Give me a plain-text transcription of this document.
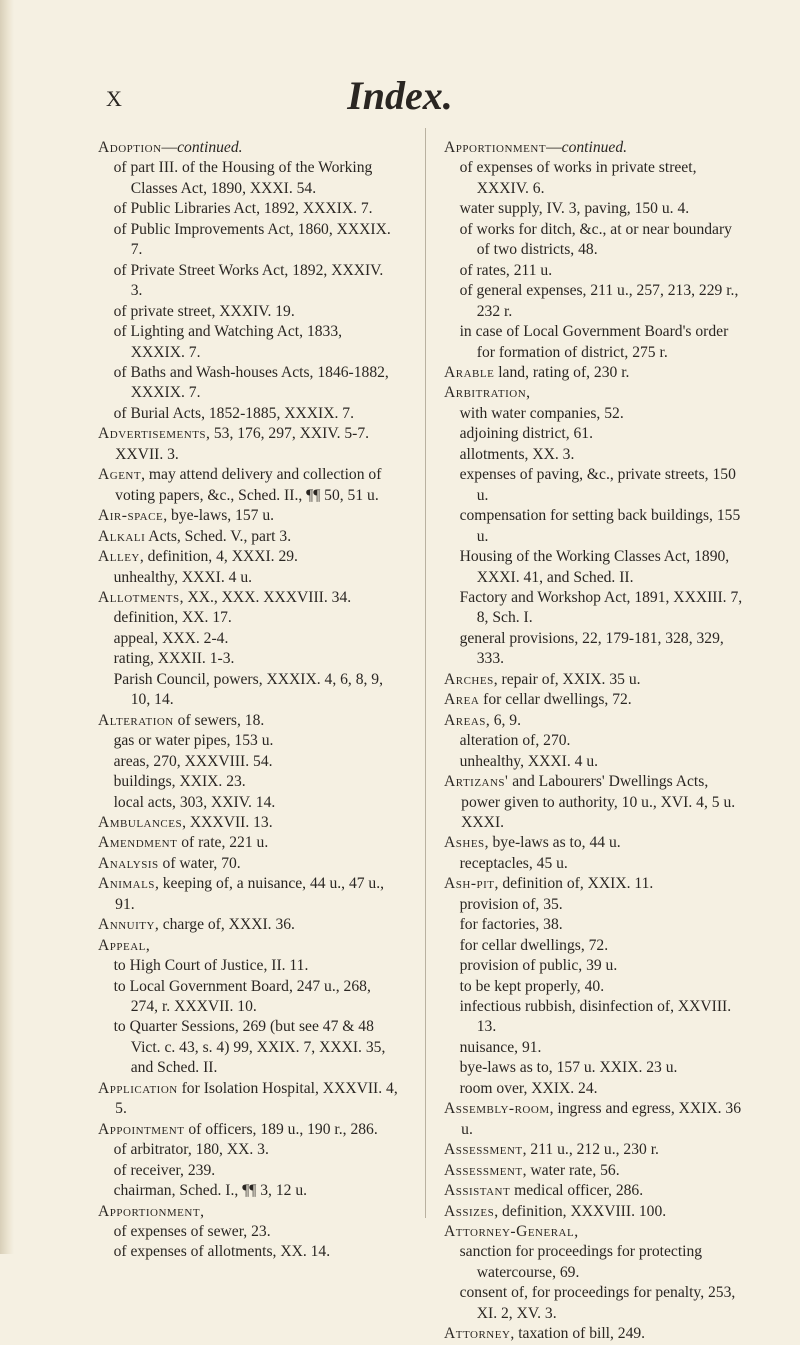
X	Index.

Adoption—continued.

of part III. of the Housing of the Working Classes Act, 1890, XXXI. 54.

of Public Libraries Act, 1892, XXXIX. 7.

of Public Improvements Act, 1860, XXXIX. 7.

of Private Street Works Act, 1892, XXXIV. 3.

of private street, XXXIV. 19.

of Lighting and Watching Act, 1833, XXXIX. 7.

of Baths and Wash-houses Acts, 1846-1882, XXXIX. 7.

of Burial Acts, 1852-1885, XXXIX. 7.

Advertisements, 53, 176, 297, XXIV. 5-7. XXVII. 3.

Agent, may attend delivery and collection of voting papers, &c., Sched. II., ¶¶ 50, 51 u.

Air-space, bye-laws, 157 u.

Alkali Acts, Sched. V., part 3.

Alley, definition, 4, XXXI. 29.

unhealthy, XXXI. 4 u.

Allotments, XX., XXX. XXXVIII. 34.

definition, XX. 17.

appeal, XXX. 2-4.

rating, XXXII. 1-3.

Parish Council, powers, XXXIX. 4, 6, 8, 9, 10, 14.

Alteration of sewers, 18.

gas or water pipes, 153 u.

areas, 270, XXXVIII. 54.

buildings, XXIX. 23.

local acts, 303, XXIV. 14.

Ambulances, XXXVII. 13.

Amendment of rate, 221 u.

Analysis of water, 70.

Animals, keeping of, a nuisance, 44 u., 47 u., 91.

Annuity, charge of, XXXI. 36.

Appeal,

to High Court of Justice, II. 11.

to Local Government Board, 247 u., 268, 274, r. XXXVII. 10.

to Quarter Sessions, 269 (but see 47 & 48 Vict. c. 43, s. 4) 99, XXIX. 7, XXXI. 35, and Sched. II.

Application for Isolation Hospital, XXXVII. 4, 5.

Appointment of officers, 189 u., 190 r., 286.

of arbitrator, 180, XX. 3.

of receiver, 239.

chairman, Sched. I., ¶¶ 3, 12 u.

Apportionment,

of expenses of sewer, 23.

of expenses of allotments, XX. 14.

Apportionment—continued.

of expenses of works in private street, XXXIV. 6.

water supply, IV. 3, paving, 150 u. 4.

of works for ditch, &c., at or near boundary of two districts, 48.

of rates, 211 u.

of general expenses, 211 u., 257, 213, 229 r., 232 r.

in case of Local Government Board's order for formation of district, 275 r.

Arable land, rating of, 230 r.

Arbitration,

with water companies, 52.

adjoining district, 61.

allotments, XX. 3.

expenses of paving, &c., private streets, 150 u.

compensation for setting back buildings, 155 u.

Housing of the Working Classes Act, 1890, XXXI. 41, and Sched. II.

Factory and Workshop Act, 1891, XXXIII. 7, 8, Sch. I.

general provisions, 22, 179-181, 328, 329, 333.

Arches, repair of, XXIX. 35 u.

Area for cellar dwellings, 72.

Areas, 6, 9.

alteration of, 270.

unhealthy, XXXI. 4 u.

Artizans' and Labourers' Dwellings Acts, power given to authority, 10 u., XVI. 4, 5 u. XXXI.

Ashes, bye-laws as to, 44 u.

receptacles, 45 u.

Ash-pit, definition of, XXIX. 11.

provision of, 35.

for factories, 38.

for cellar dwellings, 72.

provision of public, 39 u.

to be kept properly, 40.

infectious rubbish, disinfection of, XXVIII. 13.

nuisance, 91.

bye-laws as to, 157 u. XXIX. 23 u.

room over, XXIX. 24.

Assembly-room, ingress and egress, XXIX. 36 u.

Assessment, 211 u., 212 u., 230 r.

Assessment, water rate, 56.

Assistant medical officer, 286.

Assizes, definition, XXXVIII. 100.

Attorney-General,

sanction for proceedings for protecting watercourse, 69.

consent of, for proceedings for penalty, 253, XI. 2, XV. 3.

Attorney, taxation of bill, 249.
